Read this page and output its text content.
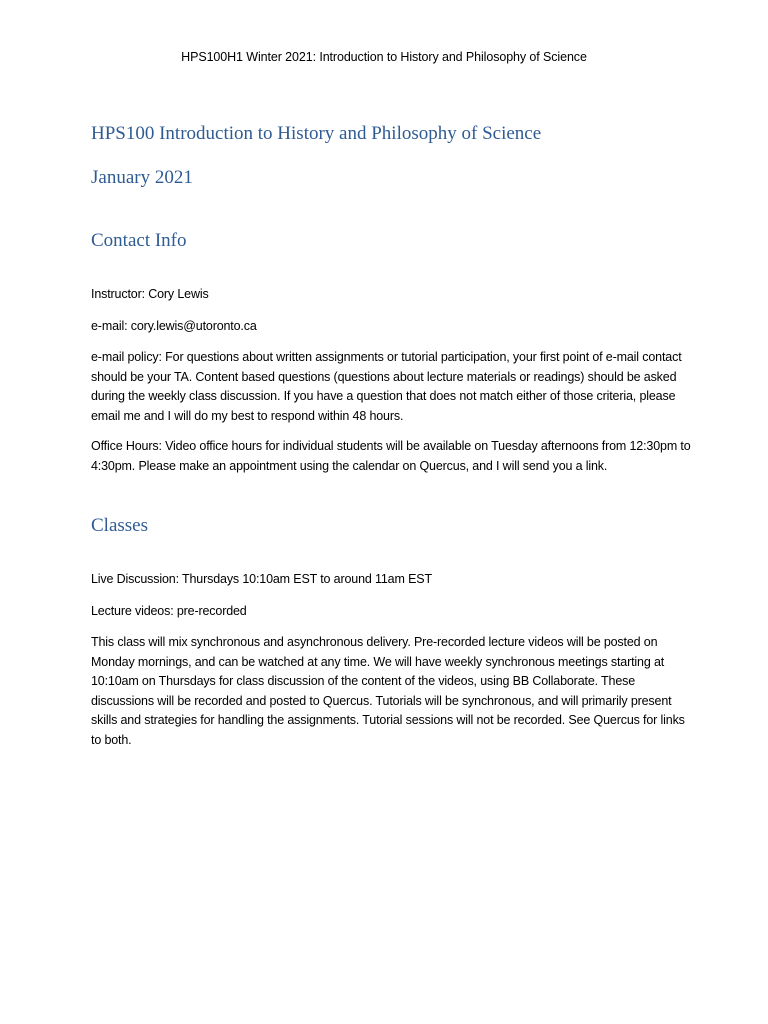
HPS100H1 Winter 2021: Introduction to History and Philosophy of Science
HPS100 Introduction to History and Philosophy of Science
January 2021
Contact Info

Instructor: Cory Lewis

e-mail: cory.lewis@utoronto.ca

e-mail policy: For questions about written assignments or tutorial participation, your first point of e-mail contact should be your TA. Content based questions (questions about lecture materials or readings) should be asked during the weekly class discussion. If you have a question that does not match either of those criteria, please email me and I will do my best to respond within 48 hours.

Office Hours: Video office hours for individual students will be available on Tuesday afternoons from 12:30pm to 4:30pm. Please make an appointment using the calendar on Quercus, and I will send you a link.

Classes

Live Discussion: Thursdays 10:10am EST to around 11am EST

Lecture videos: pre-recorded

This class will mix synchronous and asynchronous delivery. Pre-recorded lecture videos will be posted on Monday mornings, and can be watched at any time. We will have weekly synchronous meetings starting at 10:10am on Thursdays for class discussion of the content of the videos, using BB Collaborate. These discussions will be recorded and posted to Quercus. Tutorials will be synchronous, and will primarily present skills and strategies for handling the assignments. Tutorial sessions will not be recorded. See Quercus for links to both.
